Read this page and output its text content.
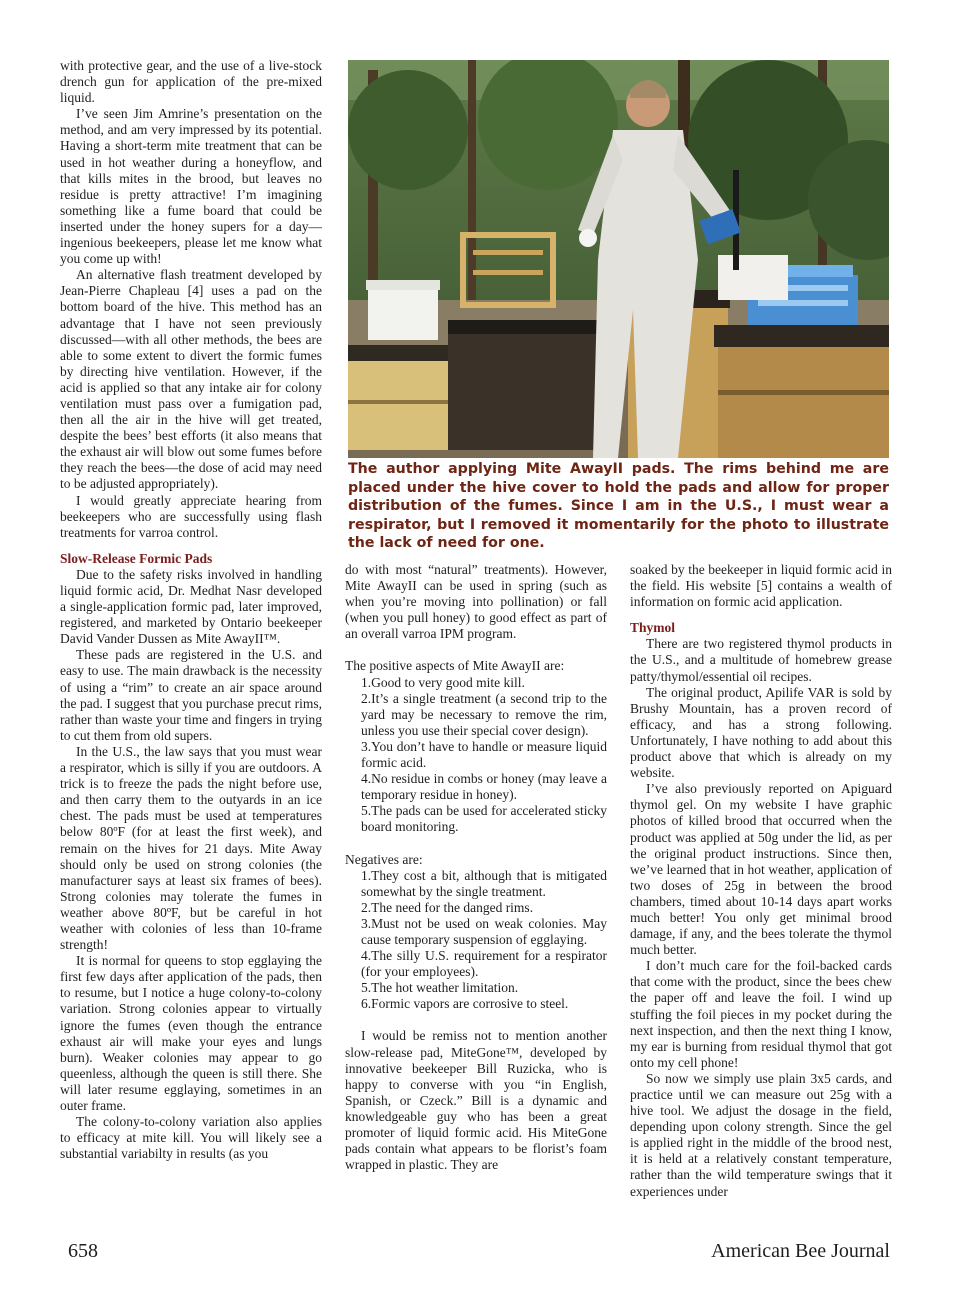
with protective gear, and the use of a live-stock drench gun for application of the pre-mixed liquid.

I’ve seen Jim Amrine’s presentation on the method, and am very impressed by its potential. Having a short-term mite treatment that can be used in hot weather during a honeyflow, and that kills mites in the brood, but leaves no residue is pretty attractive! I’m imagining something like a fume board that could be inserted under the honey supers for a day—ingenious beekeepers, please let me know what you come up with!

An alternative flash treatment developed by Jean-Pierre Chapleau [4] uses a pad on the bottom board of the hive. This method has an advantage that I have not seen previously discussed—with all other methods, the bees are able to some extent to divert the formic fumes by directing hive ventilation. However, if the acid is applied so that any intake air for colony ventilation must pass over a fumigation pad, then all the air in the hive will get treated, despite the bees’ best efforts (it also means that the exhaust air will blow out some fumes before they reach the bees—the dose of acid may need to be adjusted appropriately).

I would greatly appreciate hearing from beekeepers who are successfully using flash treatments for varroa control.

Slow-Release Formic Pads

Due to the safety risks involved in handling liquid formic acid, Dr. Medhat Nasr developed a single-application formic pad, later improved, registered, and marketed by Ontario beekeeper David Vander Dussen as Mite AwayII™.

These pads are registered in the U.S. and easy to use. The main drawback is the necessity of using a “rim” to create an air space around the pad. I suggest that you purchase precut rims, rather than waste your time and fingers in trying to cut them from old supers.

In the U.S., the law says that you must wear a respirator, which is silly if you are outdoors. A trick is to freeze the pads the night before use, and then carry them to the outyards in an ice chest. The pads must be used at temperatures below 80ºF (for at least the first week), and remain on the hives for 21 days. Mite Away should only be used on strong colonies (the manufacturer says at least six frames of bees). Strong colonies may tolerate the fumes in weather above 80ºF, but be careful in hot weather with colonies of less than 10-frame strength!

It is normal for queens to stop egglaying the first few days after application of the pads, then to resume, but I notice a huge colony-to-colony variation. Strong colonies appear to virtually ignore the fumes (even though the entrance exhaust air will make your eyes and lungs burn). Weaker colonies may appear to go queenless, although the queen is still there. She will later resume egglaying, sometimes in an outer frame.

The colony-to-colony variation also applies to efficacy at mite kill. You will likely see a substantial variabilty in results (as you

The author applying Mite AwayII pads. The rims behind me are placed under the hive cover to hold the pads and allow for proper distribution of the fumes. Since I am in the U.S., I must wear a respirator, but I removed it momentarily for the photo to illustrate the lack of need for one.

do with most “natural” treatments). However, Mite AwayII can be used in spring (such as when you’re moving into pollination) or fall (when you pull honey) to good effect as part of an overall varroa IPM program.

The positive aspects of Mite AwayII are:

1.Good to very good mite kill.

2.It’s a single treatment (a second trip to the yard may be necessary to remove the rim, unless you use their special cover design).

3.You don’t have to handle or measure liquid formic acid.

4.No residue in combs or honey (may leave a temporary residue in honey).

5.The pads can be used for accelerated sticky board monitoring.

Negatives are:

1.They cost a bit, although that is mitigated somewhat by the single treatment.

2.The need for the danged rims.

3.Must not be used on weak colonies. May cause temporary suspension of egglaying.

4.The silly U.S. requirement for a respirator (for your employees).

5.The hot weather limitation.

6.Formic vapors are corrosive to steel.

I would be remiss not to mention another slow-release pad, MiteGone™, developed by innovative beekeeper Bill Ruzicka, who is happy to converse with you “in English, Spanish, or Czeck.” Bill is a dynamic and knowledgeable guy who has been a great promoter of liquid formic acid. His MiteGone pads contain what appears to be florist’s foam wrapped in plastic. They are

soaked by the beekeeper in liquid formic acid in the field. His website [5] contains a wealth of information on formic acid application.

Thymol

There are two registered thymol products in the U.S., and a multitude of homebrew grease patty/thymol/essential oil recipes.

The original product, Apilife VAR is sold by Brushy Mountain, has a proven record of efficacy, and has a strong following. Unfortunately, I have nothing to add about this product above that which is already on my website.

I’ve also previously reported on Apiguard thymol gel. On my website I have graphic photos of killed brood that occurred when the product was applied at 50g under the lid, as per the original product instructions. Since then, we’ve learned that in hot weather, application of two doses of 25g in between the brood chambers, timed about 10-14 days apart works much better! You only get minimal brood damage, if any, and the bees tolerate the thymol much better.

I don’t much care for the foil-backed cards that come with the product, since the bees chew the paper off and leave the foil. I wind up stuffing the foil pieces in my pocket during the next inspection, and then the next thing I know, my ear is burning from residual thymol that got onto my cell phone!

So now we simply use plain 3x5 cards, and practice until we can measure out 25g with a hive tool. We adjust the dosage in the field, depending upon colony strength. Since the gel is applied right in the middle of the brood nest, it is held at a relatively constant temperature, rather than the wild temperature swings that it experiences under

658	American Bee Journal
